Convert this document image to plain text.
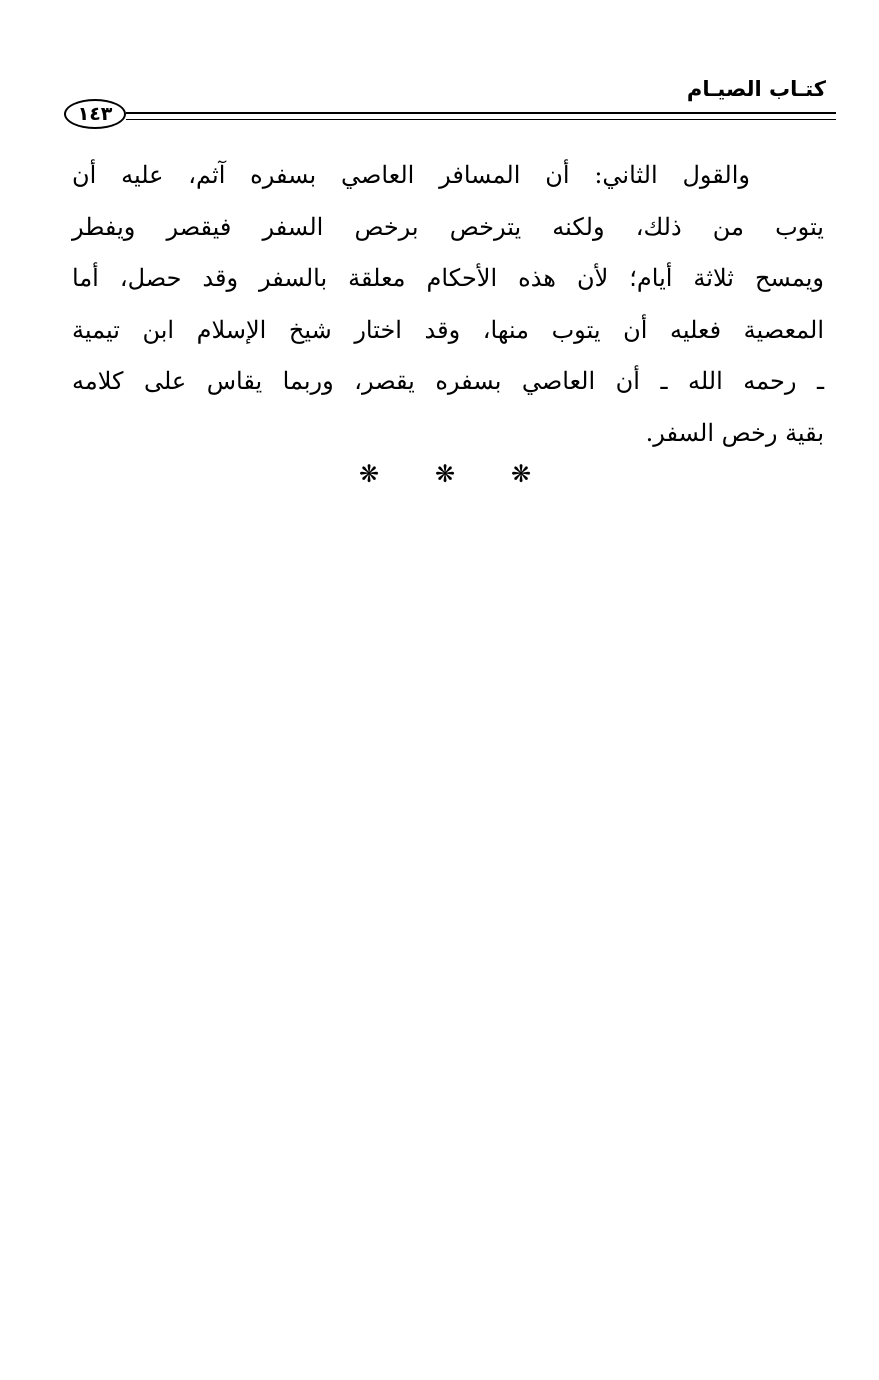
كتـاب الصيـام
١٤٣
والقول الثاني: أن المسافر العاصي بسفره آثم، عليه أن
يتوب من ذلك، ولكنه يترخص برخص السفر فيقصر ويفطر
ويمسح ثلاثة أيام؛ لأن هذه الأحكام معلقة بالسفر وقد حصل، أما
المعصية فعليه أن يتوب منها، وقد اختار شيخ الإسلام ابن تيمية
ـ رحمه الله ـ أن العاصي بسفره يقصر، وربما يقاس على كلامه
بقية رخص السفر.
❋ ❋ ❋
